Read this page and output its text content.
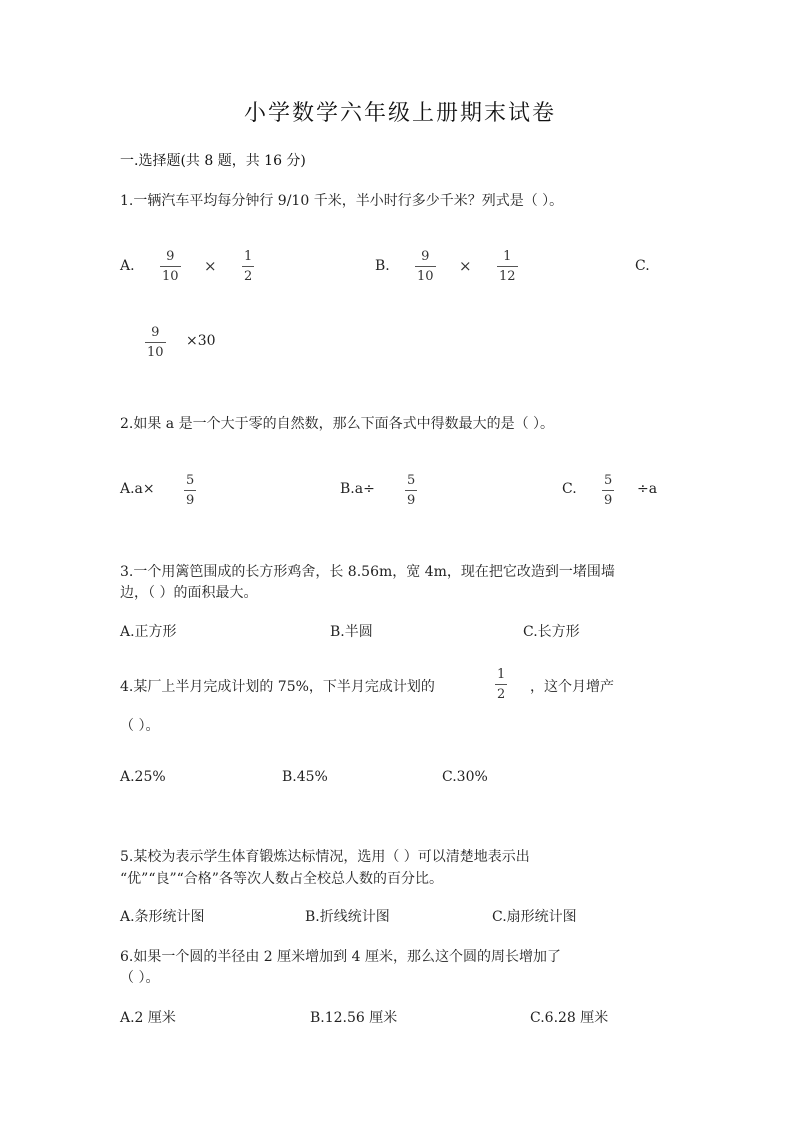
小学数学六年级上册期末试卷
一.选择题(共 8 题，共 16 分)
1.一辆汽车平均每分钟行 9/10 千米，半小时行多少千米？列式是（ ）。
A.
9
10
×
1
2
B.
9
10
×
1
12
C.
9
10
×30
2.如果 a 是一个大于零的自然数，那么下面各式中得数最大的是（ ）。
A.a×
5
9
B.a÷
5
9
C.
5
9
÷a
3.一个用篱笆围成的长方形鸡舍，长 8.56m，宽 4m，现在把它改造到一堵围墙
边，（ ）的面积最大。
A.正方形	B.半圆	C.长方形
4.某厂上半月完成计划的 75%，下半月完成计划的
1
2 ，这个月增产
（ ）。
A.25%	B.45%	C.30%
5.某校为表示学生体育锻炼达标情况，选用（ ）可以清楚地表示出
“优”“良”“合格”各等次人数占全校总人数的百分比。
A.条形统计图	B.折线统计图	C.扇形统计图
6.如果一个圆的半径由 2 厘米增加到 4 厘米，那么这个圆的周长增加了
（ ）。
A.2 厘米	B.12.56 厘米	C.6.28 厘米
